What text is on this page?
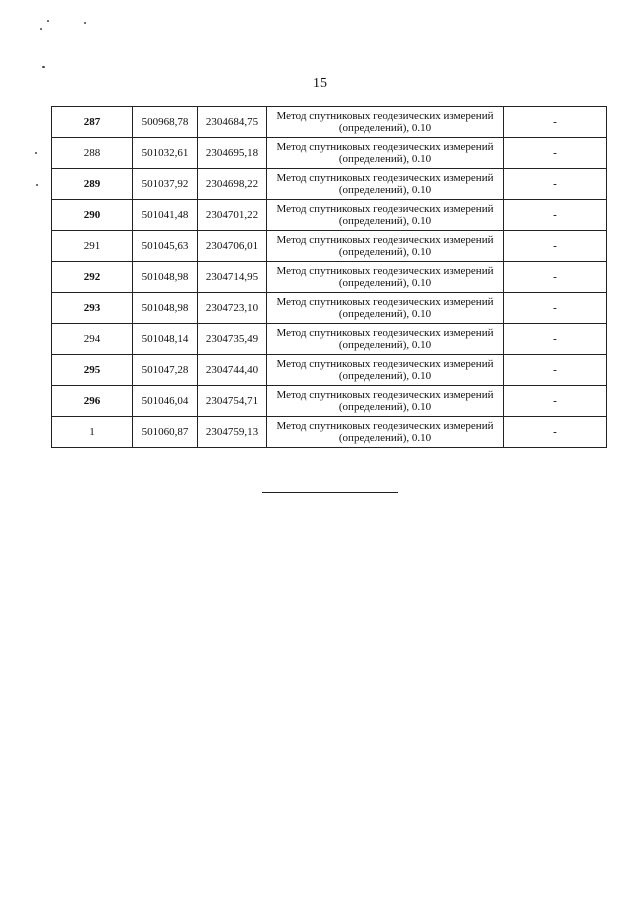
15
287	500968,78	2304684,75	Метод спутниковых геодезических измерений (определений), 0.10	-
288	501032,61	2304695,18	Метод спутниковых геодезических измерений (определений), 0.10	-
289	501037,92	2304698,22	Метод спутниковых геодезических измерений (определений), 0.10	-
290	501041,48	2304701,22	Метод спутниковых геодезических измерений (определений), 0.10	-
291	501045,63	2304706,01	Метод спутниковых геодезических измерений (определений), 0.10	-
292	501048,98	2304714,95	Метод спутниковых геодезических измерений (определений), 0.10	-
293	501048,98	2304723,10	Метод спутниковых геодезических измерений (определений), 0.10	-
294	501048,14	2304735,49	Метод спутниковых геодезических измерений (определений), 0.10	-
295	501047,28	2304744,40	Метод спутниковых геодезических измерений (определений), 0.10	-
296	501046,04	2304754,71	Метод спутниковых геодезических измерений (определений), 0.10	-
1	501060,87	2304759,13	Метод спутниковых геодезических измерений (определений), 0.10	-
